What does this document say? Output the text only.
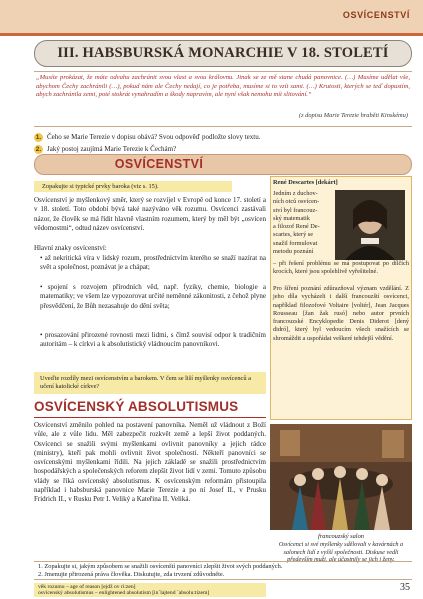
OSVÍCENSTVÍ
III. HABSBURSKÁ MONARCHIE V 18. STOLETÍ
„Musíte prokázat, že máte odvahu zachránit svou vlast a svou královnu. Jinak se ze mě stane chudá panovnice. (…) Musíme udělat vše, abychom Čechy zachránili (…), pokud nám ale Čechy nedají, co je potřeba, musíme si to vzít sami. (…) Krutosti, kterých se teď dopustím, abych zachránila zemi, poté stokrát vynahradím a škody napravím, ale nyní však nemohu mít slitování.“
(z dopisu Marie Terezie hraběti Kinskému)
1. Čeho se Marie Terezie v dopisu obává? Svou odpověď podložte slovy textu.
2. Jaký postoj zaujímá Marie Terezie k Čechám?
OSVÍCENSTVÍ
Zopakujte si typické prvky baroka (viz s. 15).
Osvícenství je myšlenkový směr, který se rozvíjel v Evropě od konce 17. století a v 18. století. Toto období bývá také nazýváno věk rozumu. Osvícenci zastávali názor, že člověk se má řídit hlavně vlastním rozumem, který by měl být „osvícen vědomostmi“, odtud název osvícenství.
Hlavní znaky osvícenství:
• až nekritická víra v lidský rozum, prostřednictvím kterého se snaží nazírat na svět a společnost, poznávat je a chápat;
• spojení s rozvojem přírodních věd, např. fyziky, chemie, biologie a matematiky; ve všem lze vypozorovat určité neměnné zákonitosti, z čehož plyne přesvědčení, že Bůh nezasahuje do dění světa;
• prosazování přirozené rovnosti mezi lidmi, s čímž souvisí odpor k tradičním autoritám – k církvi a k absolutistický vládnoucím panovníkovi.
René Descartes [dekárt]
Jedním z duchov-
ních otců osvícen-
ství byl francouz-
ský matematik
a filozof René De-
scartes, který se
snažil formulovat
metodu poznání
– při řešení problému se má postupovat po dílčích krocích, které jsou spolehlivě vyřešitelné.
Pro šíření poznání zdůrazňoval význam vzdělání. Z jeho díla vycházeli i další francouzští osvícenci, například filozofové Voltaire [voltér], Jean Jacques Rousseau [žan žak rusó] nebo autor prvních francouzské Encyklopedie Denis Diderot [dený didró], který byl vedoucím všech snažících se shromáždit a uspořádat veškeré tehdejší vědění.
Uveďte rozdíly mezi osvícenstvím a barokem. V čem se liší myšlenky osvícenců a učení katolické církve?
OSVÍCENSKÝ ABSOLUTISMUS
Osvícenství změnilo pohled na postavení panovníka. Neměl už vládnout z Boží vůle, ale z vůle lidu. Měl zabezpečit rozkvět země a lepší život poddaných. Osvícenci se snažili svými myšlenkami ovlivnit panovníky a jejich rádce (ministry), kteří pak mohli ovlivnit život společnosti. Někteří panovníci se osvícenskými myšlenkami řídili. Na jejich základě se snažili prostřednictvím hospodářských a společenských reforem zlepšit život lidí v zemi. Tomuto způsobu vlády se říká osvícenský absolutismus. K osvícenským reformám přistoupila například i habsburská panovnice Marie Terezie a po ní Josef II., v Prusku Fridrich II., v Rusku Petr I. Veliký a Kateřina II. Veliká.
francouzský salon
Osvícenci si své myšlenky sdělovali v kavárnách a salonech lidí z vyšší společnosti. Diskuse vedli především muži, ale účastnily se jich i ženy.
1. Zopakujte si, jakým způsobem se snažili osvícenští panovníci zlepšit život svých poddaných.
2. Jmenujte přirozená práva člověka. Diskutujte, zda trvzení zdůvodněte.
věk rozumu – age of reason [ejdž ov ri:zen]
osvícenský absolutismus – enlightened absolutism [in´lajtend ´absolu:tizem]	35
